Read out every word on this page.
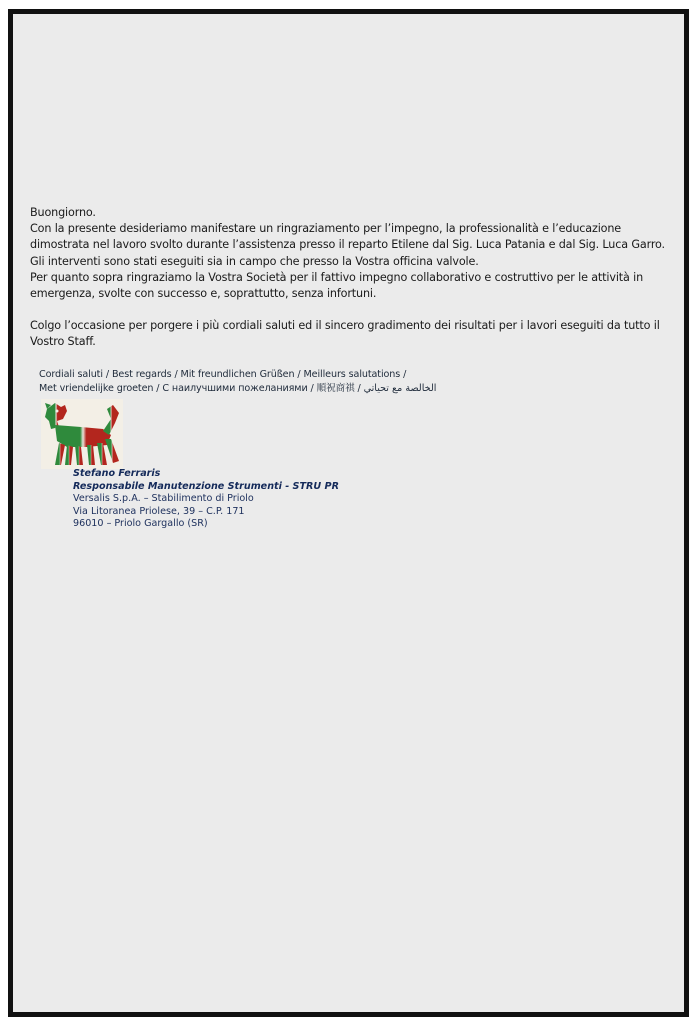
Buongiorno.

Con la presente desideriamo manifestare un ringraziamento per l’impegno, la professionalità e l’educazione

dimostrata nel lavoro svolto durante l’assistenza presso il reparto Etilene dal Sig. Luca Patania e dal Sig. Luca Garro.

Gli interventi sono stati eseguiti sia in campo che presso la Vostra officina valvole.

Per quanto sopra ringraziamo la Vostra Società per il fattivo impegno collaborativo e costruttivo per le attività in

emergenza, svolte con successo e, soprattutto, senza infortuni.

Colgo l’occasione per porgere i più cordiali saluti ed il sincero gradimento dei risultati per i lavori eseguiti da tutto il

Vostro Staff.

Cordiali saluti / Best regards / Mit freundlichen Grüßen / Meilleurs salutations /
Met vriendelijke groeten / С наилучшими пожеланиями / 順祝商祺 / الخالصة مع تحياتي
Stefano Ferraris
Responsabile Manutenzione Strumenti - STRU PR
Versalis S.p.A. – Stabilimento di Priolo
Via Litoranea Priolese, 39 – C.P. 171
96010 – Priolo Gargallo (SR)
